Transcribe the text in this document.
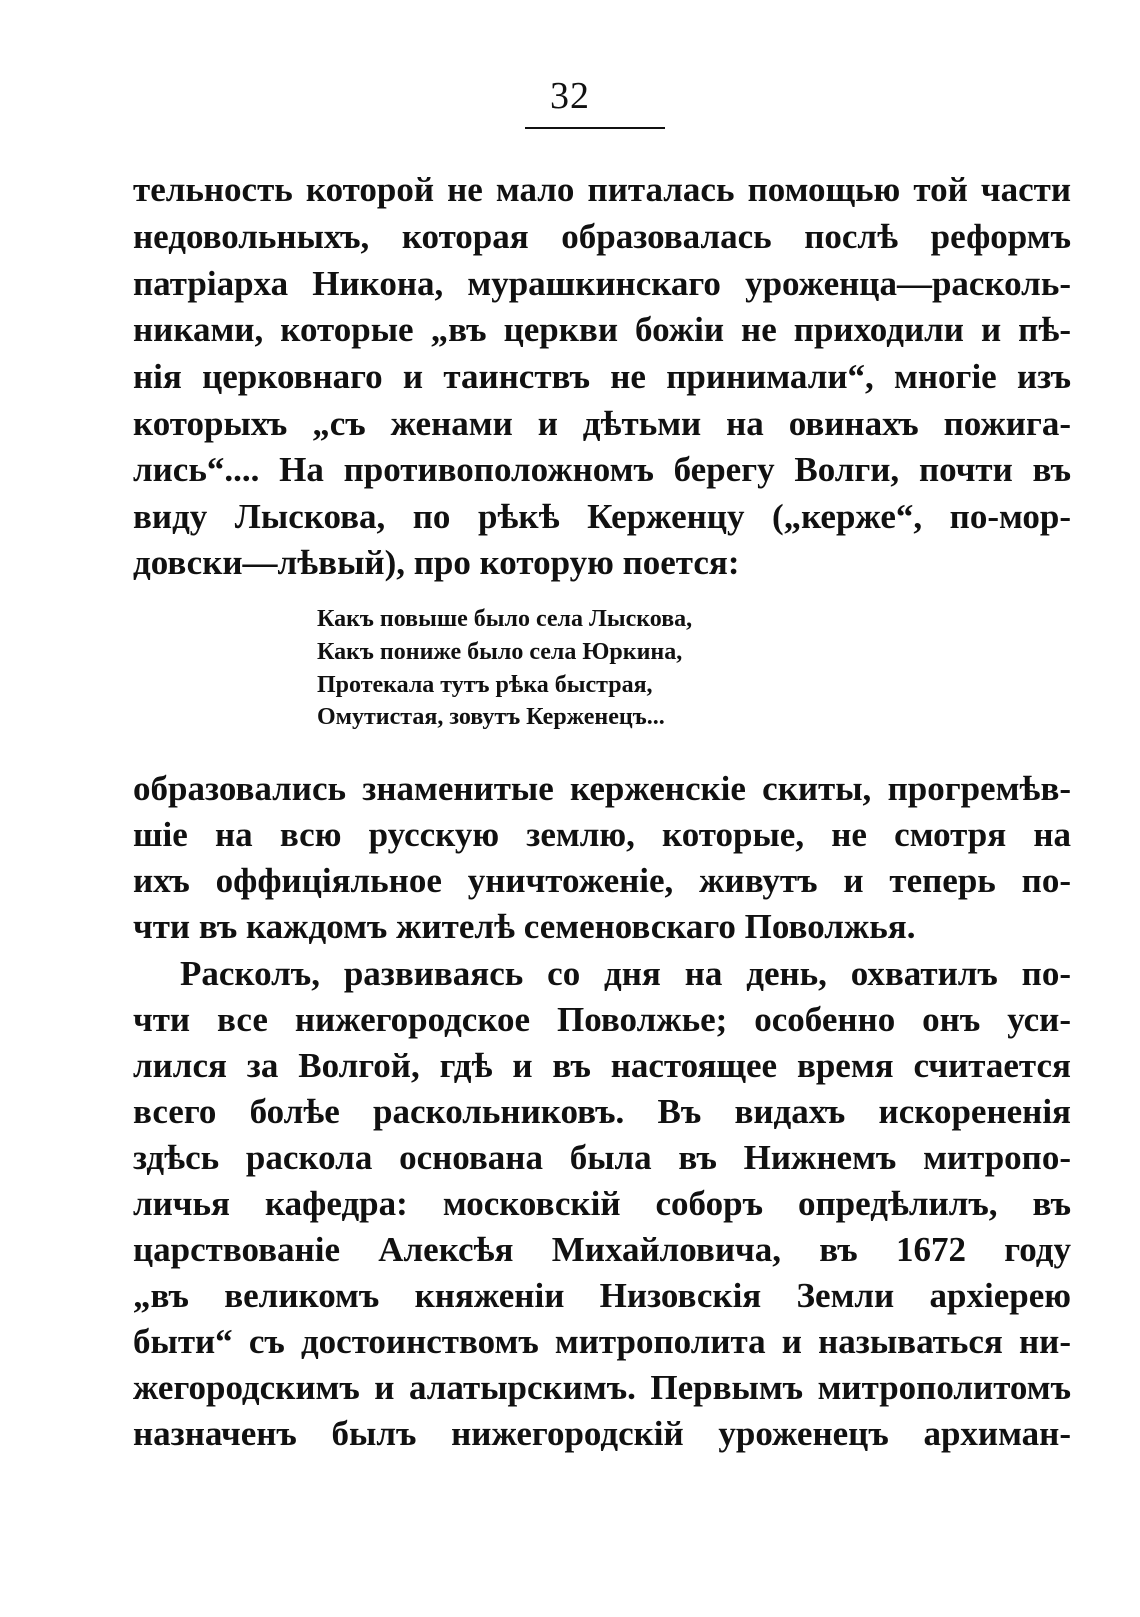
32
тельность которой не мало питалась помощью той части
недовольныхъ, которая образовалась послѣ реформъ
патріарха Никона, мурашкинскаго уроженца—расколь-
никами, которые „въ церкви божіи не приходили и пѣ-
нія церковнаго и таинствъ не принимали“, многіе изъ
которыхъ „съ женами и дѣтьми на овинахъ пожига-
лись“.... На противоположномъ берегу Волги, почти въ
виду Лыскова, по рѣкѣ Керженцу („керже“, по-мор-
довски—лѣвый), про которую поется:
Какъ повыше было села Лыскова,
Какъ пониже было села Юркина,
Протекала тутъ рѣка быстрая,
Омутистая, зовутъ Керженецъ...
образовались знаменитые керженскіе скиты, прогремѣв-
шіе на всю русскую землю, которые, не смотря на
ихъ оффиціяльное уничтоженіе, живутъ и теперь по-
чти въ каждомъ жителѣ семеновскаго Поволжья.
Расколъ, развиваясь со дня на день, охватилъ по-
чти все нижегородское Поволжье; особенно онъ уси-
лился за Волгой, гдѣ и въ настоящее время считается
всего болѣе раскольниковъ. Въ видахъ искорененія
здѣсь раскола основана была въ Нижнемъ митропо-
личья кафедра: московскій соборъ опредѣлилъ, въ
царствованіе Алексѣя Михайловича, въ 1672 году
„въ великомъ княженіи Низовскія Земли архіерею
быти“ съ достоинствомъ митрополита и называться ни-
жегородскимъ и алатырскимъ. Первымъ митрополитомъ
назначенъ былъ нижегородскій уроженецъ архиман-
